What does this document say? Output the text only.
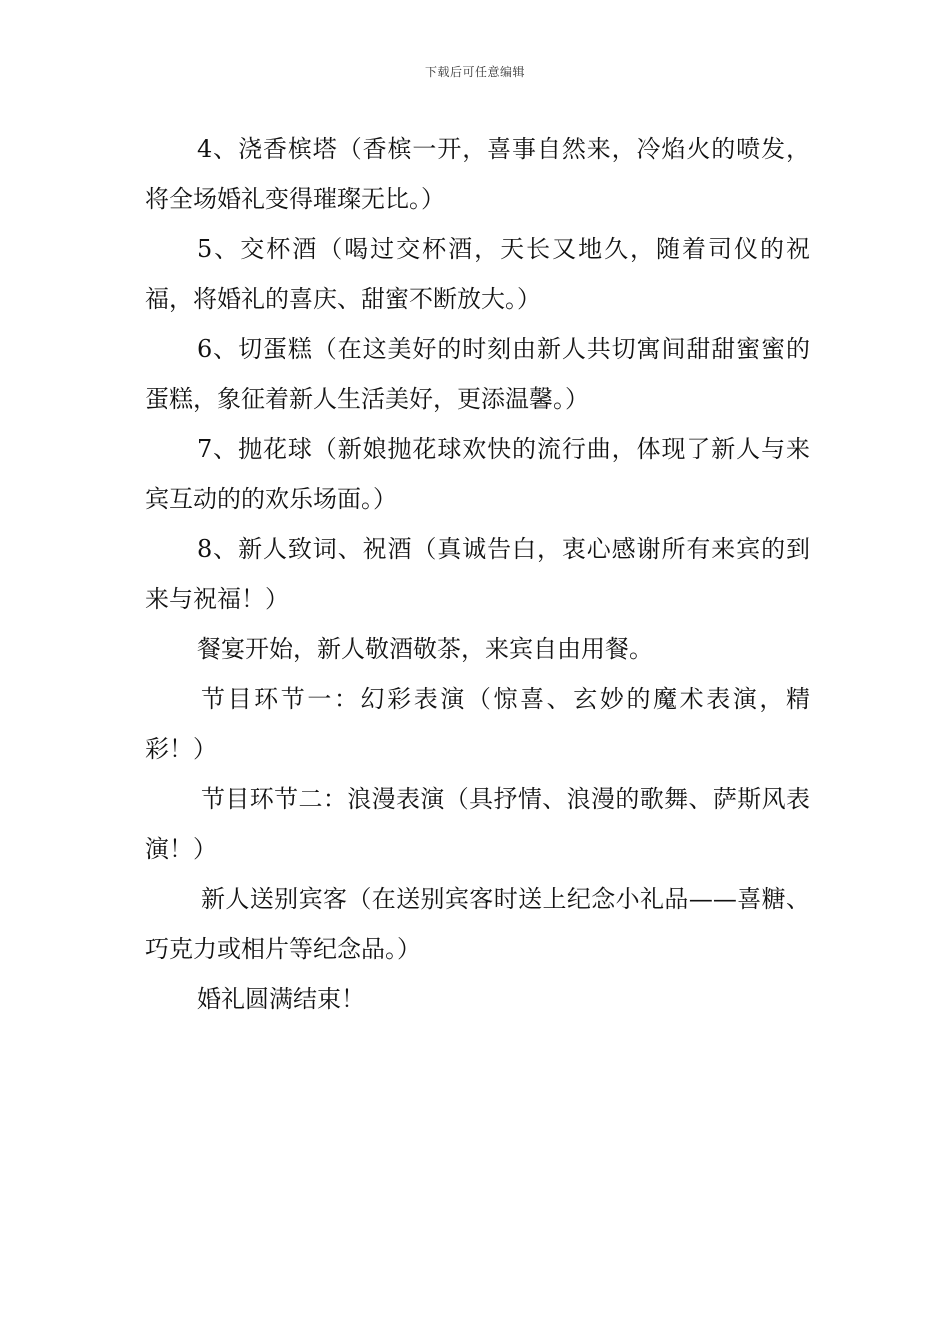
下载后可任意编辑

4、浇香槟塔（香槟一开，喜事自然来，冷焰火的喷发，将全场婚礼变得璀璨无比。）

5、交杯酒（喝过交杯酒，天长又地久，随着司仪的祝福，将婚礼的喜庆、甜蜜不断放大。）

6、切蛋糕（在这美好的时刻由新人共切寓间甜甜蜜蜜的蛋糕，象征着新人生活美好，更添温馨。）

7、抛花球（新娘抛花球欢快的流行曲，体现了新人与来宾互动的的欢乐场面。）

8、新人致词、祝酒（真诚告白，衷心感谢所有来宾的到来与祝福！）

餐宴开始，新人敬酒敬茶，来宾自由用餐。

节目环节一：幻彩表演（惊喜、玄妙的魔术表演，精彩！）

节目环节二：浪漫表演（具抒情、浪漫的歌舞、萨斯风表演！）

新人送别宾客（在送别宾客时送上纪念小礼品——喜糖、巧克力或相片等纪念品。）

婚礼圆满结束！
